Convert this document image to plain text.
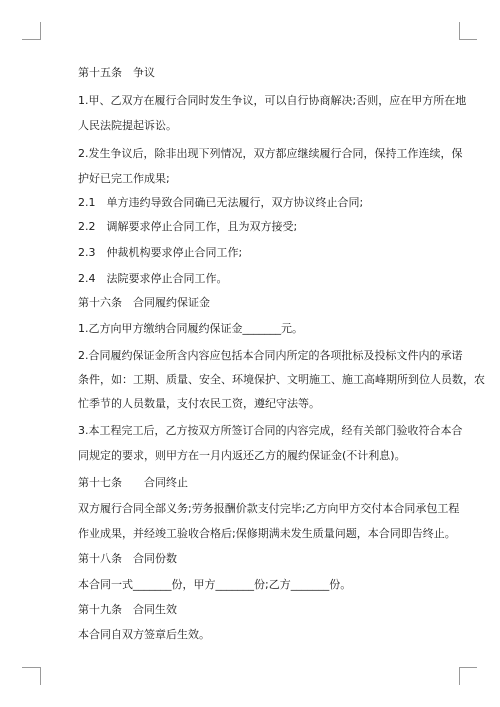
第十五条　争议
1.甲、乙双方在履行合同时发生争议，可以自行协商解决;否则，应在甲方所在地
人民法院提起诉讼。
2.发生争议后，除非出现下列情况，双方都应继续履行合同，保持工作连续，保
护好已完工作成果;
2.1　单方违约导致合同确已无法履行，双方协议终止合同;
2.2　调解要求停止合同工作，且为双方接受;
2.3　仲裁机构要求停止合同工作;
2.4　法院要求停止合同工作。
第十六条　合同履约保证金
1.乙方向甲方缴纳合同履约保证金_______元。
2.合同履约保证金所含内容应包括本合同内所定的各项批标及投标文件内的承诺
条件，如：工期、质量、安全、环境保护、文明施工、施工高峰期所到位人员数，农
忙季节的人员数量，支付农民工资，遵纪守法等。
3.本工程完工后，乙方按双方所签订合同的内容完成，经有关部门验收符合本合
同规定的要求，则甲方在一月内返还乙方的履约保证金(不计利息)。
第十七条　　合同终止
双方履行合同全部义务;劳务报酬价款支付完毕;乙方向甲方交付本合同承包工程
作业成果，并经竣工验收合格后;保修期满未发生质量问题，本合同即告终止。
第十八条　合同份数
本合同一式_______份，甲方_______份;乙方_______份。
第十九条　合同生效
本合同自双方签章后生效。
